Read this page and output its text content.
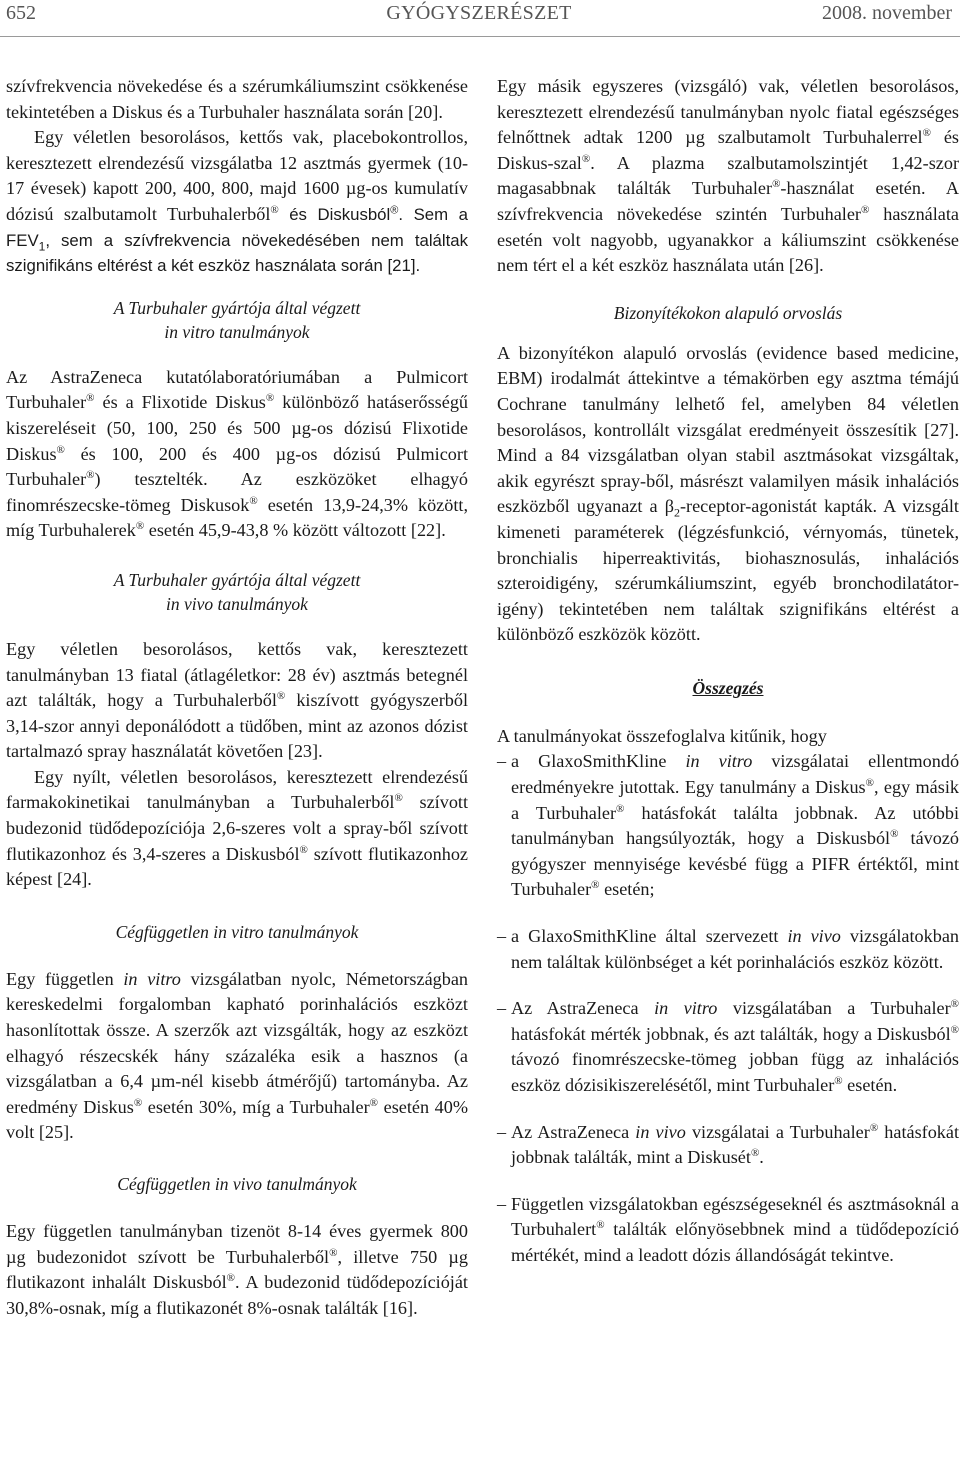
652	GYÓGYSZERÉSZET	2008. november

szívfrekvencia növekedése és a szérumkáliumszint csökkenése tekintetében a Diskus és a Turbuhaler használata során [20].

Egy véletlen besorolásos, kettős vak, placebokontrollos, keresztezett elrendezésű vizsgálatba 12 asztmás gyermek (10-17 évesek) kapott 200, 400, 800, majd 1600 µg-os kumulatív dózisú szalbutamolt Turbuhalerből® és Diskusból®. Sem a $FEV_1$, sem a szívfrekvencia növekedésében nem találtak szignifikáns eltérést a két eszköz használata során [21].

A Turbuhaler gyártója által végzett
in vitro tanulmányok

Az AstraZeneca kutatólaboratóriumában a Pulmicort Turbuhaler® és a Flixotide Diskus® különböző hatáserősségű kiszereléseit (50, 100, 250 és 500 µg-os dózisú Flixotide Diskus® és 100, 200 és 400 µg-os dózisú Pulmicort Turbuhaler®) tesztelték. Az eszközöket elhagyó finomrészecske-tömeg Diskusok® esetén 13,9-24,3% között, míg Turbuhalerek® esetén 45,9-43,8 % között változott [22].

A Turbuhaler gyártója által végzett
in vivo tanulmányok

Egy véletlen besorolásos, kettős vak, keresztezett tanulmányban 13 fiatal (átlagéletkor: 28 év) asztmás betegnél azt találták, hogy a Turbuhalerből® kiszívott gyógyszerből 3,14-szor annyi deponálódott a tüdőben, mint az azonos dózist tartalmazó spray használatát követően [23].

Egy nyílt, véletlen besorolásos, keresztezett elrendezésű farmakokinetikai tanulmányban a Turbuhalerből® szívott budezonid tüdődepozíciója 2,6-szeres volt a spray-ből szívott flutikazonhoz és 3,4-szeres a Diskusból® szívott flutikazonhoz képest [24].

Cégfüggetlen in vitro tanulmányok

Egy független in vitro vizsgálatban nyolc, Németországban kereskedelmi forgalomban kapható porinhalációs eszközt hasonlítottak össze. A szerzők azt vizsgálták, hogy az eszközt elhagyó részecskék hány százaléka esik a hasznos (a vizsgálatban a 6,4 µm-nél kisebb átmérőjű) tartományba. Az eredmény Diskus® esetén 30%, míg a Turbuhaler® esetén 40% volt [25].

Cégfüggetlen in vivo tanulmányok

Egy független tanulmányban tizenöt 8-14 éves gyermek 800 µg budezonidot szívott be Turbuhalerből®, illetve 750 µg flutikazont inhalált Diskusból®. A budezonid tüdődepozícióját 30,8%-osnak, míg a flutikazonét 8%-osnak találták [16].

Egy másik egyszeres (vizsgáló) vak, véletlen besorolásos, keresztezett elrendezésű tanulmányban nyolc fiatal egészséges felnőttnek adtak 1200 µg szalbutamolt Turbuhalerrel® és Diskus-szal®. A plazma szalbutamolszintjét 1,42-szor magasabbnak találták Turbuhaler®-használat esetén. A szívfrekvencia növekedése szintén Turbuhaler® használata esetén volt nagyobb, ugyanakkor a káliumszint csökkenése nem tért el a két eszköz használata után [26].

Bizonyítékokon alapuló orvoslás

A bizonyítékon alapuló orvoslás (evidence based medicine, EBM) irodalmát áttekintve a témakörben egy asztma témájú Cochrane tanulmány lelhető fel, amelyben 84 véletlen besorolásos, kontrollált vizsgálat eredményeit összesítik [27]. Mind a 84 vizsgálatban olyan stabil asztmásokat vizsgáltak, akik egyrészt spray-ből, másrészt valamilyen másik inhalációs eszközből ugyanazt a $\beta_2-receptor$-agonistát kapták. A vizsgált kimeneti paraméterek (légzésfunkció, vérnyomás, tünetek, bronchialis hiperreaktivitás, biohasznosulás, inhalációs szteroidigény, szérumkáliumszint, egyéb bronchodilatátor-igény) tekintetében nem találtak szignifikáns eltérést a különböző eszközök között.

Összegzés

A tanulmányokat összefoglalva kitűnik, hogy

– a GlaxoSmithKline in vitro vizsgálatai ellentmondó eredményekre jutottak. Egy tanulmány a Diskus®, egy másik a Turbuhaler® hatásfokát találta jobbnak. Az utóbbi tanulmányban hangsúlyozták, hogy a Diskusból® távozó gyógyszer mennyisége kevésbé függ a PIFR értéktől, mint Turbuhaler® esetén;
– a GlaxoSmithKline által szervezett in vivo vizsgálatokban nem találtak különbséget a két porinhalációs eszköz között.
– Az AstraZeneca in vitro vizsgálatában a Turbuhaler® hatásfokát mérték jobbnak, és azt találták, hogy a Diskusból® távozó finomrészecske-tömeg jobban függ az inhalációs eszköz dózisikiszerelésétől, mint Turbuhaler® esetén.
– Az AstraZeneca in vivo vizsgálatai a Turbuhaler® hatásfokát jobbnak találták, mint a Diskusét®.
– Független vizsgálatokban egészségeseknél és asztmásoknál a Turbuhalert® találták előnyösebbnek mind a tüdődepozíció mértékét, mind a leadott dózis állandóságát tekintve.
